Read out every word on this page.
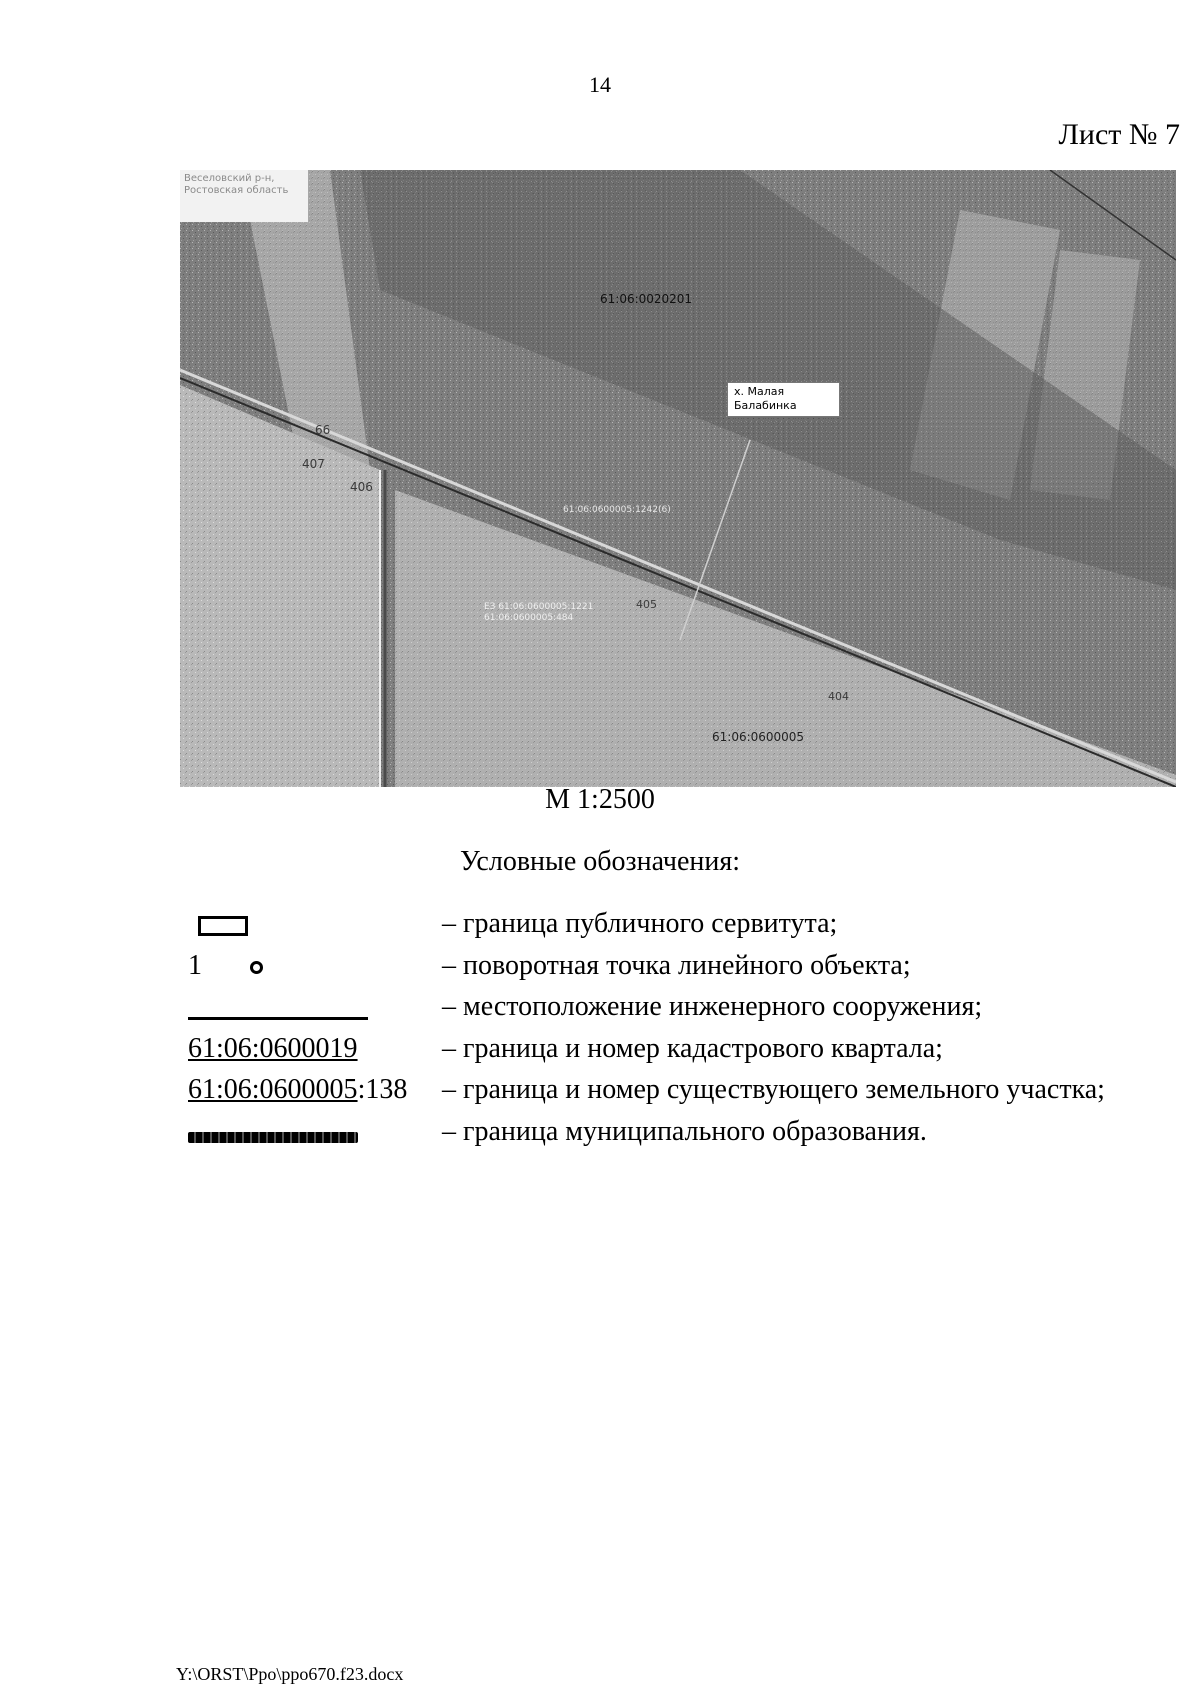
14
Лист № 7
Веселовский р-н, Ростовская область
х. Малая
Балабинка
61:06:0020201
61:06:0600005:1242(6)
ЕЗ 61:06:0600005:1221
61:06:0600005:484
61:06:0600005
66
407
406
405
404
М 1:2500
Условные обозначения:
– граница публичного сервитута;
1	– поворотная точка линейного объекта;
– местоположение инженерного сооружения;
61:06:0600019	– граница и номер кадастрового квартала;
61:06:0600005:138 – граница и номер существующего земельного участка;
– граница муниципального образования.
Y:\ORST\Ppo\ppo670.f23.docx
